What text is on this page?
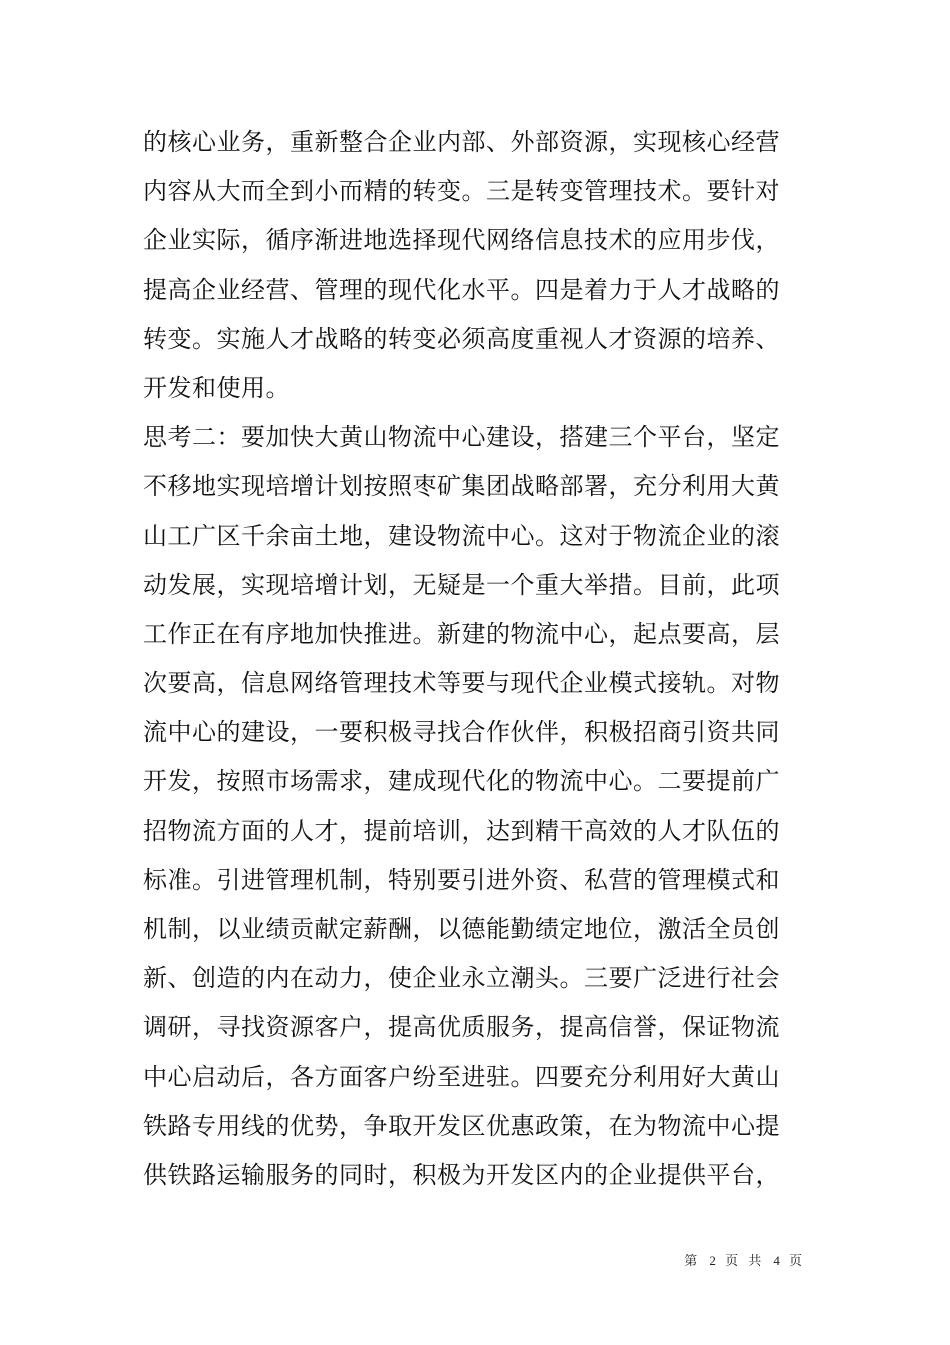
的核心业务，重新整合企业内部、外部资源，实现核心经营
内容从大而全到小而精的转变。三是转变管理技术。要针对
企业实际，循序渐进地选择现代网络信息技术的应用步伐，
提高企业经营、管理的现代化水平。四是着力于人才战略的
转变。实施人才战略的转变必须高度重视人才资源的培养、
开发和使用。
思考二：要加快大黄山物流中心建设，搭建三个平台，坚定
不移地实现培增计划按照枣矿集团战略部署，充分利用大黄
山工广区千余亩土地，建设物流中心。这对于物流企业的滚
动发展，实现培增计划，无疑是一个重大举措。目前，此项
工作正在有序地加快推进。新建的物流中心，起点要高，层
次要高，信息网络管理技术等要与现代企业模式接轨。对物
流中心的建设，一要积极寻找合作伙伴，积极招商引资共同
开发，按照市场需求，建成现代化的物流中心。二要提前广
招物流方面的人才，提前培训，达到精干高效的人才队伍的
标准。引进管理机制，特别要引进外资、私营的管理模式和
机制，以业绩贡献定薪酬，以德能勤绩定地位，激活全员创
新、创造的内在动力，使企业永立潮头。三要广泛进行社会
调研，寻找资源客户，提高优质服务，提高信誉，保证物流
中心启动后，各方面客户纷至进驻。四要充分利用好大黄山
铁路专用线的优势，争取开发区优惠政策，在为物流中心提
供铁路运输服务的同时，积极为开发区内的企业提供平台，
第 2 页 共 4 页
